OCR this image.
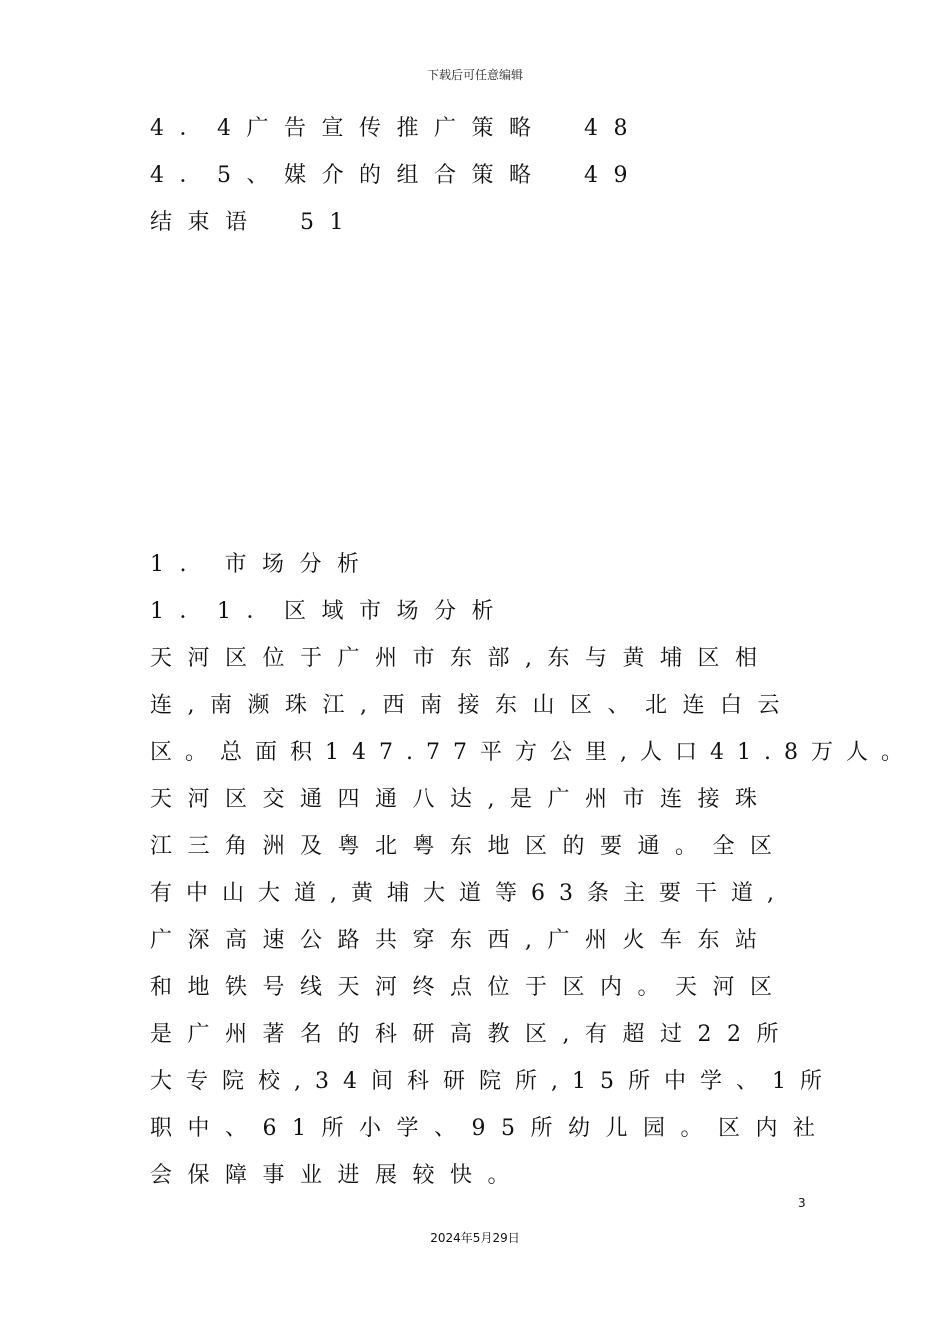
下载后可任意编辑
4．4广告宣传推广策略　48
4．5、媒介的组合策略　49
结束语　51
1. 市场分析
1．1．区域市场分析
天河区位于广州市东部,东与黄埔区相
连,南濒珠江,西南接东山区、北连白云
区。总面积147.77平方公里,人口41.8万人。
天河区交通四通八达,是广州市连接珠
江三角洲及粤北粤东地区的要通。全区
有中山大道,黄埔大道等63条主要干道,
广深高速公路共穿东西,广州火车东站
和地铁号线天河终点位于区内。天河区
是广州著名的科研高教区,有超过22所
大专院校,34间科研院所,15所中学、1所
职中、61所小学、95所幼儿园。区内社
会保障事业进展较快。
3
2024年5月29日
